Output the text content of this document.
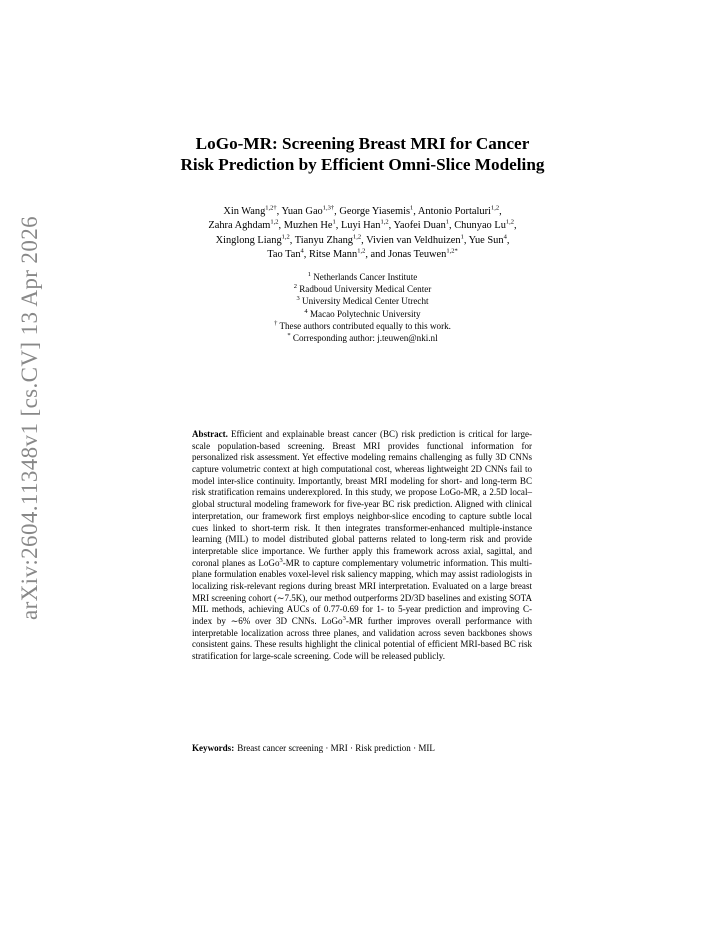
arXiv:2604.11348v1 [cs.CV] 13 Apr 2026
LoGo-MR: Screening Breast MRI for Cancer
Risk Prediction by Efficient Omni-Slice Modeling
Xin Wang$^{1,2\dagger}$, Yuan Gao$^{1,3\dagger}$, George Yiasemis$^1$, Antonio Portaluri$^{1,2}$,
Zahra Aghdam$^{1,2}$, Muzhen He$^1$, Luyi Han$^{1,2}$, Yaofei Duan$^1$, Chunyao Lu$^{1,2}$,
Xinglong Liang$^{1,2}$, Tianyu Zhang$^{1,2}$, Vivien van Veldhuizen$^1$, Yue Sun$^4$,
Tao Tan$^4$, Ritse Mann$^{1,2}$, and Jonas Teuwen$^{1,2*}$
$^1$ Netherlands Cancer Institute
$^2$ Radboud University Medical Center
$^3$ University Medical Center Utrecht
$^4$ Macao Polytechnic University
† These authors contributed equally to this work.
* Corresponding author: j.teuwen@nki.nl
Abstract. Efficient and explainable breast cancer (BC) risk prediction is critical for large-scale population-based screening. Breast MRI provides functional information for personalized risk assessment. Yet effective modeling remains challenging as fully 3D CNNs capture volumetric context at high computational cost, whereas lightweight 2D CNNs fail to model inter-slice continuity. Importantly, breast MRI modeling for short- and long-term BC risk stratification remains underexplored. In this study, we propose LoGo-MR, a 2.5D local–global structural modeling framework for five-year BC risk prediction. Aligned with clinical interpretation, our framework first employs neighbor-slice encoding to capture subtle local cues linked to short-term risk. It then integrates transformer-enhanced multiple-instance learning (MIL) to model distributed global patterns related to long-term risk and provide interpretable slice importance. We further apply this framework across axial, sagittal, and coronal planes as LoGo$^3$-MR to capture complementary volumetric information. This multi-plane formulation enables voxel-level risk saliency mapping, which may assist radiologists in localizing risk-relevant regions during breast MRI interpretation. Evaluated on a large breast MRI screening cohort (∼7.5K), our method outperforms 2D/3D baselines and existing SOTA MIL methods, achieving AUCs of 0.77-0.69 for 1- to 5-year prediction and improving C-index by ∼6% over 3D CNNs. LoGo$^3$-MR further improves overall performance with interpretable localization across three planes, and validation across seven backbones shows consistent gains. These results highlight the clinical potential of efficient MRI-based BC risk stratification for large-scale screening. Code will be released publicly.
Keywords: Breast cancer screening · MRI · Risk prediction · MIL
